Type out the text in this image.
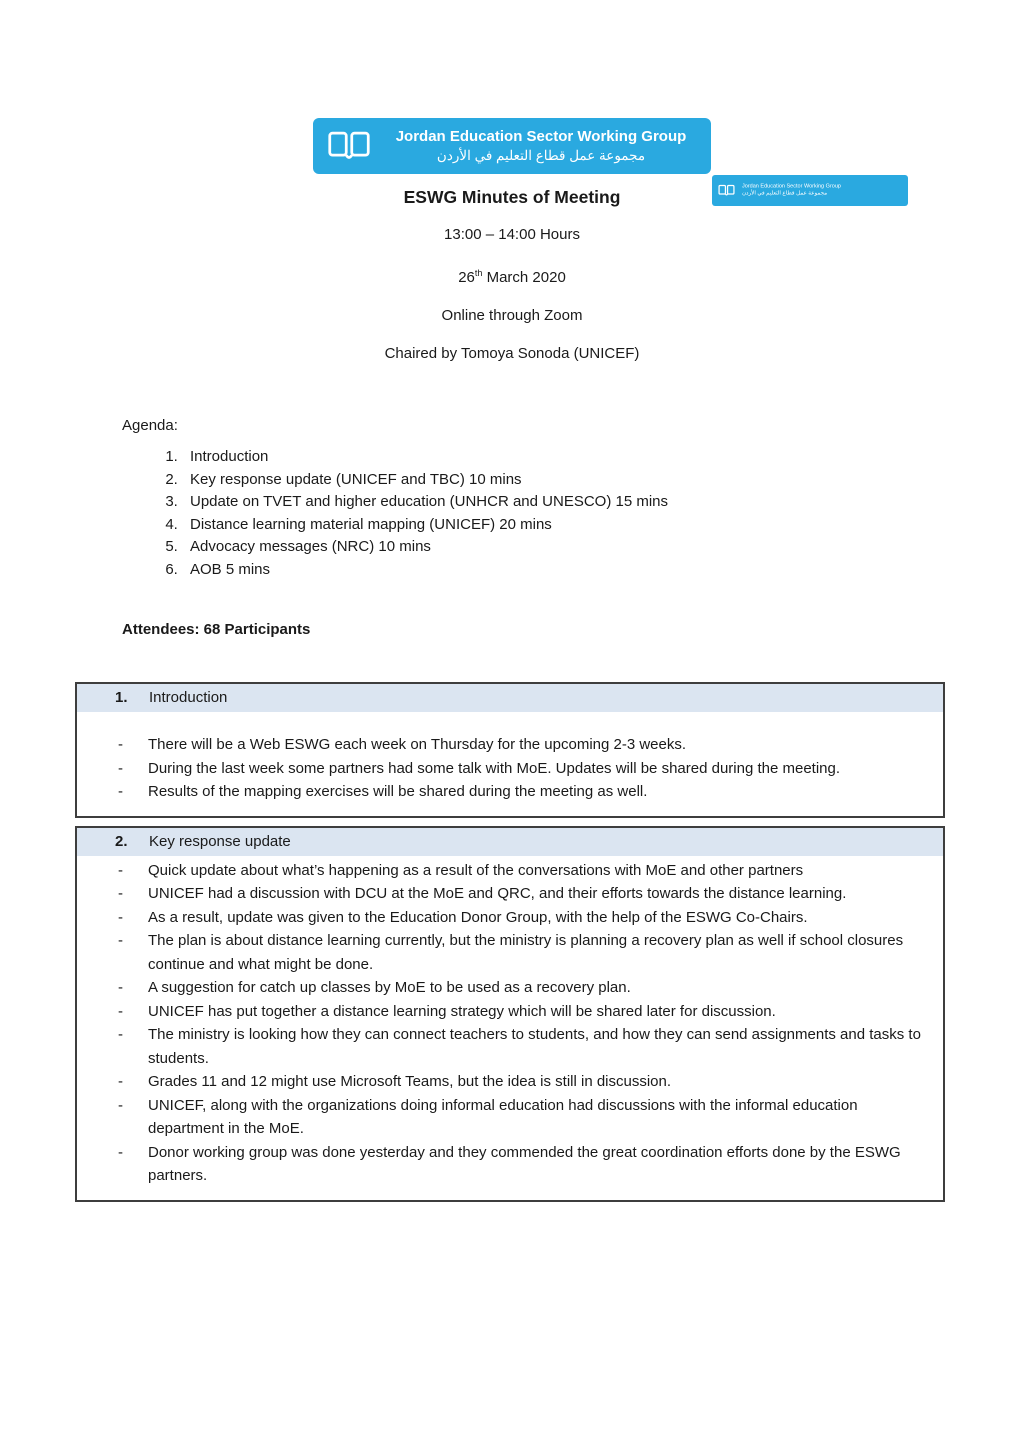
Jordan Education Sector Working Group
مجموعة عمل قطاع التعليم في الأردن
Jordan Education Sector Working Group
مجموعة عمل قطاع التعليم في الأردن
ESWG Minutes of Meeting
13:00 – 14:00 Hours
26th March 2020
Online through Zoom
Chaired by Tomoya Sonoda (UNICEF)
Agenda:
1. Introduction
2. Key response update (UNICEF and TBC) 10 mins
3. Update on TVET and higher education (UNHCR and UNESCO) 15 mins
4. Distance learning material mapping (UNICEF) 20 mins
5. Advocacy messages (NRC) 10 mins
6. AOB 5 mins
Attendees: 68 Participants
1.	Introduction
-
There will be a Web ESWG each week on Thursday for the upcoming 2-3 weeks.
-
During the last week some partners had some talk with MoE. Updates will be shared during the meeting.
-
Results of the mapping exercises will be shared during the meeting as well.
2.	Key response update
-
Quick update about what’s happening as a result of the conversations with MoE and other partners
-
UNICEF had a discussion with DCU at the MoE and QRC, and their efforts towards the distance learning.
-
As a result, update was given to the Education Donor Group, with the help of the ESWG Co-Chairs.
-
The plan is about distance learning currently, but the ministry is planning a recovery plan as well if school closures continue and what might be done.
-
A suggestion for catch up classes by MoE to be used as a recovery plan.
-
UNICEF has put together a distance learning strategy which will be shared later for discussion.
-
The ministry is looking how they can connect teachers to students, and how they can send assignments and tasks to students.
-
Grades 11 and 12 might use Microsoft Teams, but the idea is still in discussion.
-
UNICEF, along with the organizations doing informal education had discussions with the informal education department in the MoE.
-
Donor working group was done yesterday and they commended the great coordination efforts done by the ESWG partners.
